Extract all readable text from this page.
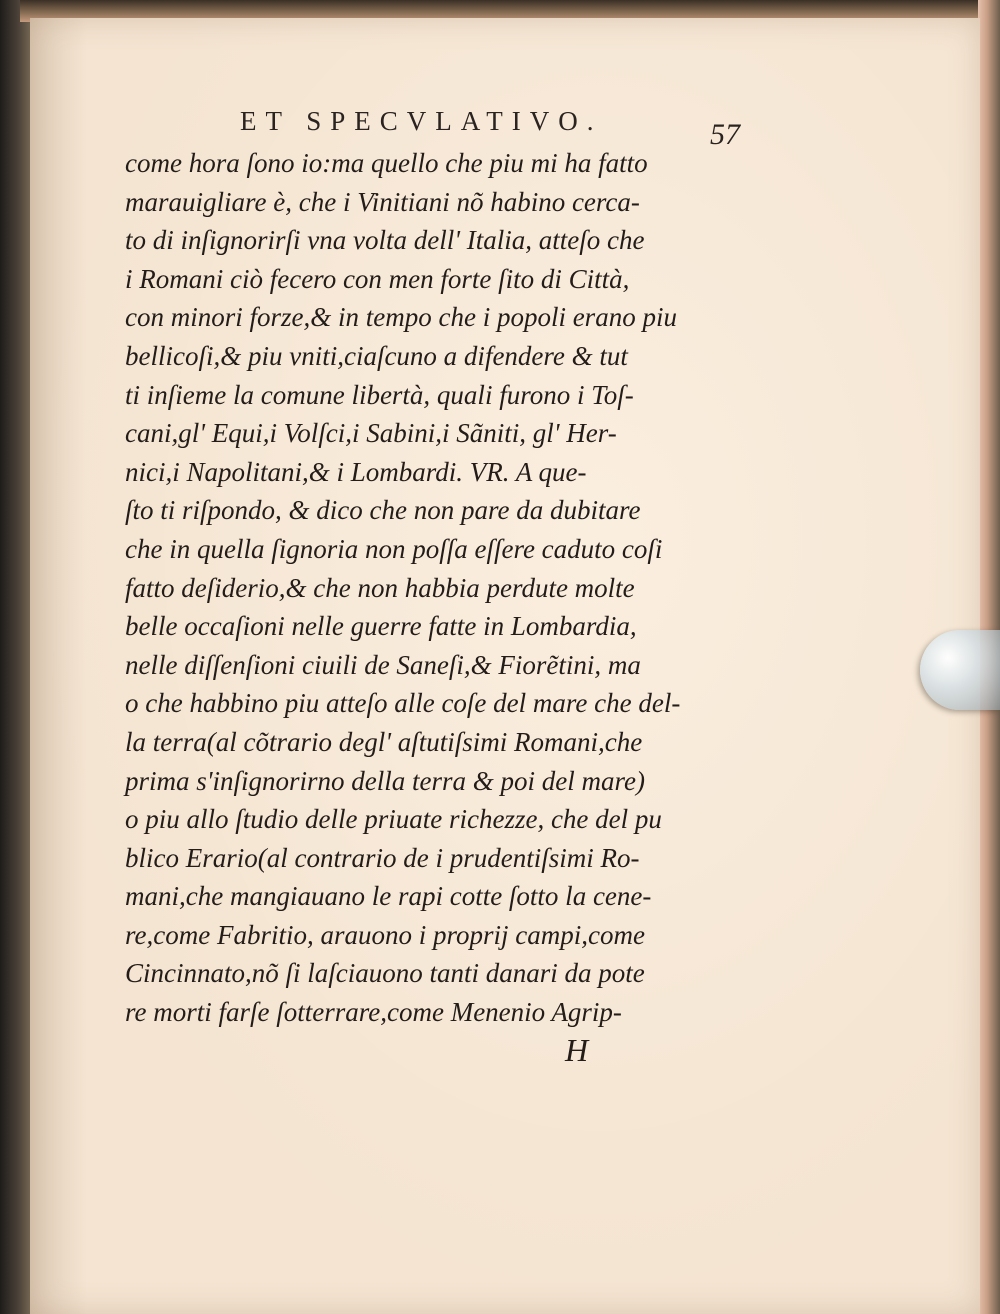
ET SPECVLATIVO.	57
come hora ſono io:ma quello che piu mi ha fatto
marauigliare è, che i Vinitiani nõ habino cerca-
to di inſignorirſi vna volta dell' Italia, atteſo che
i Romani ciò fecero con men forte ſito di Città,
con minori forze,& in tempo che i popoli erano piu
bellicoſi,& piu vniti,ciaſcuno a difendere & tut
ti inſieme la comune libertà, quali furono i Toſ-
cani,gl' Equi,i Volſci,i Sabini,i Sãniti, gl' Her-
nici,i Napolitani,& i Lombardi. VR. A que-
ſto ti riſpondo, & dico che non pare da dubitare
che in quella ſignoria non poſſa eſſere caduto coſi
fatto deſiderio,& che non habbia perdute molte
belle occaſioni nelle guerre fatte in Lombardia,
nelle diſſenſioni ciuili de Saneſi,& Fiorẽtini, ma
o che habbino piu atteſo alle coſe del mare che del-
la terra(al cõtrario degl' aſtutiſsimi Romani,che
prima s'inſignorirno della terra & poi del mare)
o piu allo ſtudio delle priuate richezze, che del pu
blico Erario(al contrario de i prudentiſsimi Ro-
mani,che mangiauano le rapi cotte ſotto la cene-
re,come Fabritio, arauono i proprij campi,come
Cincinnato,nõ ſi laſciauono tanti danari da pote
re morti farſe ſotterrare,come Menenio Agrip-
H
